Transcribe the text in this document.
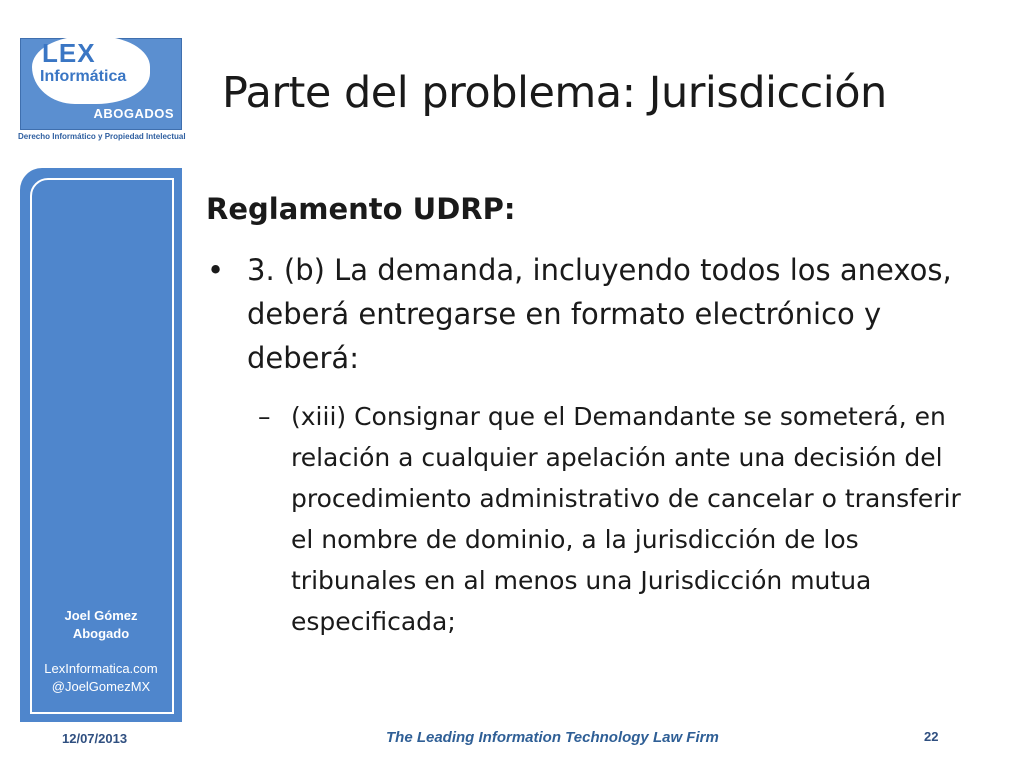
LEX
Informática
ABOGADOS
Derecho Informático y Propiedad Intelectual
Joel Gómez
Abogado
LexInformatica.com
@JoelGomezMX
Parte del problema: Jurisdicción
Reglamento UDRP:
• 3. (b) La demanda, incluyendo todos los anexos, deberá entregarse en formato electrónico y deberá:
– (xiii) Consignar que el Demandante se someterá, en relación a cualquier apelación ante una decisión del procedimiento administrativo de cancelar o transferir el nombre de dominio, a la jurisdicción de los tribunales en al menos una Jurisdicción mutua especificada;
12/07/2013	The Leading Information Technology Law Firm	22
